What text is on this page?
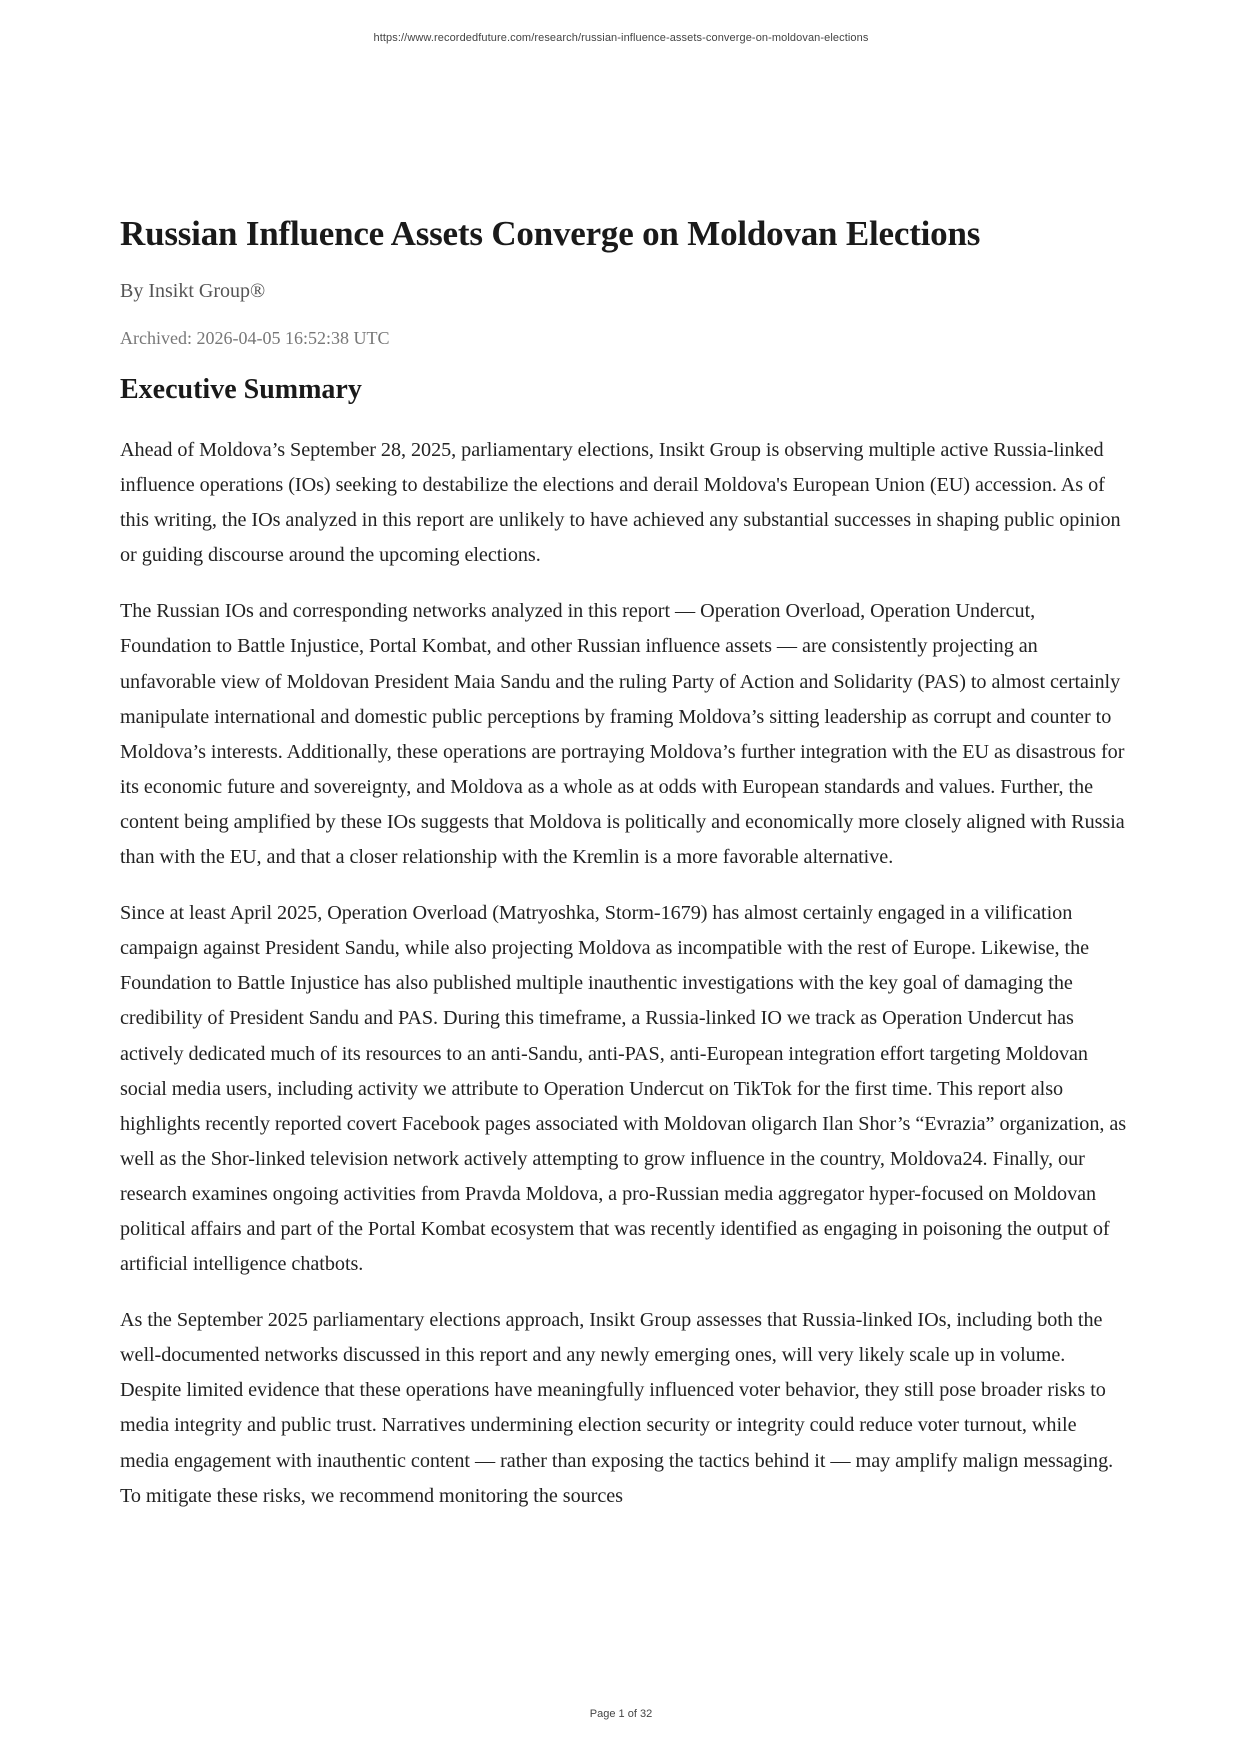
https://www.recordedfuture.com/research/russian-influence-assets-converge-on-moldovan-elections
Russian Influence Assets Converge on Moldovan Elections
By Insikt Group®
Archived: 2026-04-05 16:52:38 UTC
Executive Summary

Ahead of Moldova’s September 28, 2025, parliamentary elections, Insikt Group is observing multiple active Russia-linked influence operations (IOs) seeking to destabilize the elections and derail Moldova's European Union (EU) accession. As of this writing, the IOs analyzed in this report are unlikely to have achieved any substantial successes in shaping public opinion or guiding discourse around the upcoming elections.

The Russian IOs and corresponding networks analyzed in this report — Operation Overload, Operation Undercut, Foundation to Battle Injustice, Portal Kombat, and other Russian influence assets — are consistently projecting an unfavorable view of Moldovan President Maia Sandu and the ruling Party of Action and Solidarity (PAS) to almost certainly manipulate international and domestic public perceptions by framing Moldova’s sitting leadership as corrupt and counter to Moldova’s interests. Additionally, these operations are portraying Moldova’s further integration with the EU as disastrous for its economic future and sovereignty, and Moldova as a whole as at odds with European standards and values. Further, the content being amplified by these IOs suggests that Moldova is politically and economically more closely aligned with Russia than with the EU, and that a closer relationship with the Kremlin is a more favorable alternative.

Since at least April 2025, Operation Overload (Matryoshka, Storm-1679) has almost certainly engaged in a vilification campaign against President Sandu, while also projecting Moldova as incompatible with the rest of Europe. Likewise, the Foundation to Battle Injustice has also published multiple inauthentic investigations with the key goal of damaging the credibility of President Sandu and PAS. During this timeframe, a Russia-linked IO we track as Operation Undercut has actively dedicated much of its resources to an anti-Sandu, anti-PAS, anti-European integration effort targeting Moldovan social media users, including activity we attribute to Operation Undercut on TikTok for the first time. This report also highlights recently reported covert Facebook pages associated with Moldovan oligarch Ilan Shor’s “Evrazia” organization, as well as the Shor-linked television network actively attempting to grow influence in the country, Moldova24. Finally, our research examines ongoing activities from Pravda Moldova, a pro-Russian media aggregator hyper-focused on Moldovan political affairs and part of the Portal Kombat ecosystem that was recently identified as engaging in poisoning the output of artificial intelligence chatbots.

As the September 2025 parliamentary elections approach, Insikt Group assesses that Russia-linked IOs, including both the well-documented networks discussed in this report and any newly emerging ones, will very likely scale up in volume. Despite limited evidence that these operations have meaningfully influenced voter behavior, they still pose broader risks to media integrity and public trust. Narratives undermining election security or integrity could reduce voter turnout, while media engagement with inauthentic content — rather than exposing the tactics behind it — may amplify malign messaging. To mitigate these risks, we recommend monitoring the sources

Page 1 of 32
